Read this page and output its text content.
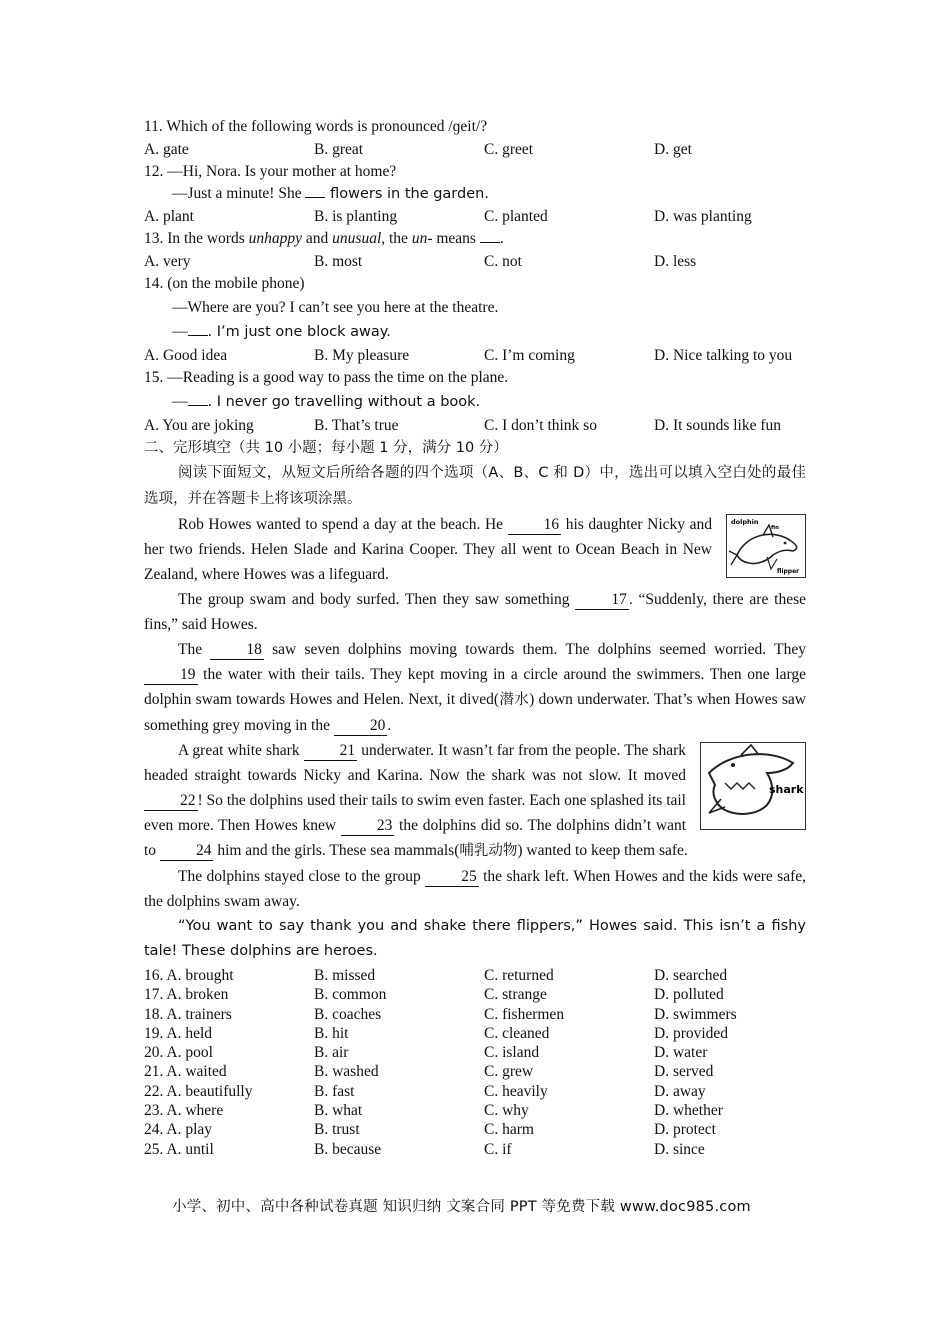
11. Which of the following words is pronounced /ɡeit/?
A. gate	B. great	C. greet	D. get
12. —Hi, Nora. Is your mother at home?
—Just a minute! She  flowers in the garden.
A. plant	B. is planting	C. planted	D. was planting
13. In the words unhappy and unusual, the un- means .
A. very	B. most	C. not	D. less
14. (on the mobile phone)
—Where are you? I can’t see you here at the theatre.
— . I’m just one block away.
A. Good idea	B. My pleasure	C. I’m coming	D. Nice talking to you
15. —Reading is a good way to pass the time on the plane.
— . I never go travelling without a book.
A. You are joking	B. That’s true	C. I don’t think so	D. It sounds like fun
二、完形填空（共 10 小题；每小题 1 分，满分 10 分）

阅读下面短文，从短文后所给各题的四个选项（A、B、C 和 D）中，选出可以填入空白处的最佳选项，并在答题卡上将该项涂黑。

dolphin
fin
flipper
Rob Howes wanted to spend a day at the beach. He 16 his daughter Nicky and her two friends. Helen Slade and Karina Cooper. They all went to Ocean Beach in New Zealand, where Howes was a lifeguard.

The group swam and body surfed. Then they saw something 17 . “Suddenly, there are these fins,” said Howes.

The 18 saw seven dolphins moving towards them. The dolphins seemed worried. They 19 the water with their tails. They kept moving in a circle around the swimmers. Then one large dolphin swam towards Howes and Helen. Next, it dived(潜水) down underwater. That’s when Howes saw something grey moving in the 20 .

shark
A great white shark 21 underwater. It wasn’t far from the people. The shark headed straight towards Nicky and Karina. Now the shark was not slow. It moved 22 ! So the dolphins used their tails to swim even faster. Each one splashed its tail even more. Then Howes knew 23 the dolphins did so. The dolphins didn’t want to 24 him and the girls. These sea mammals(哺乳动物) wanted to keep them safe.

The dolphins stayed close to the group 25 the shark left. When Howes and the kids were safe, the dolphins swam away.

“You want to say thank you and shake there flippers,” Howes said. This isn’t a fishy tale! These dolphins are heroes.

16. A. brought	B. missed	C. returned	D. searched
17. A. broken	B. common	C. strange	D. polluted
18. A. trainers	B. coaches	C. fishermen	D. swimmers
19. A. held	B. hit	C. cleaned	D. provided
20. A. pool	B. air	C. island	D. water
21. A. waited	B. washed	C. grew	D. served
22. A. beautifully	B. fast	C. heavily	D. away
23. A. where	B. what	C. why	D. whether
24. A. play	B. trust	C. harm	D. protect
25. A. until	B. because	C. if	D. since
小学、初中、高中各种试卷真题 知识归纳 文案合同 PPT 等免费下载 www.doc985.com
